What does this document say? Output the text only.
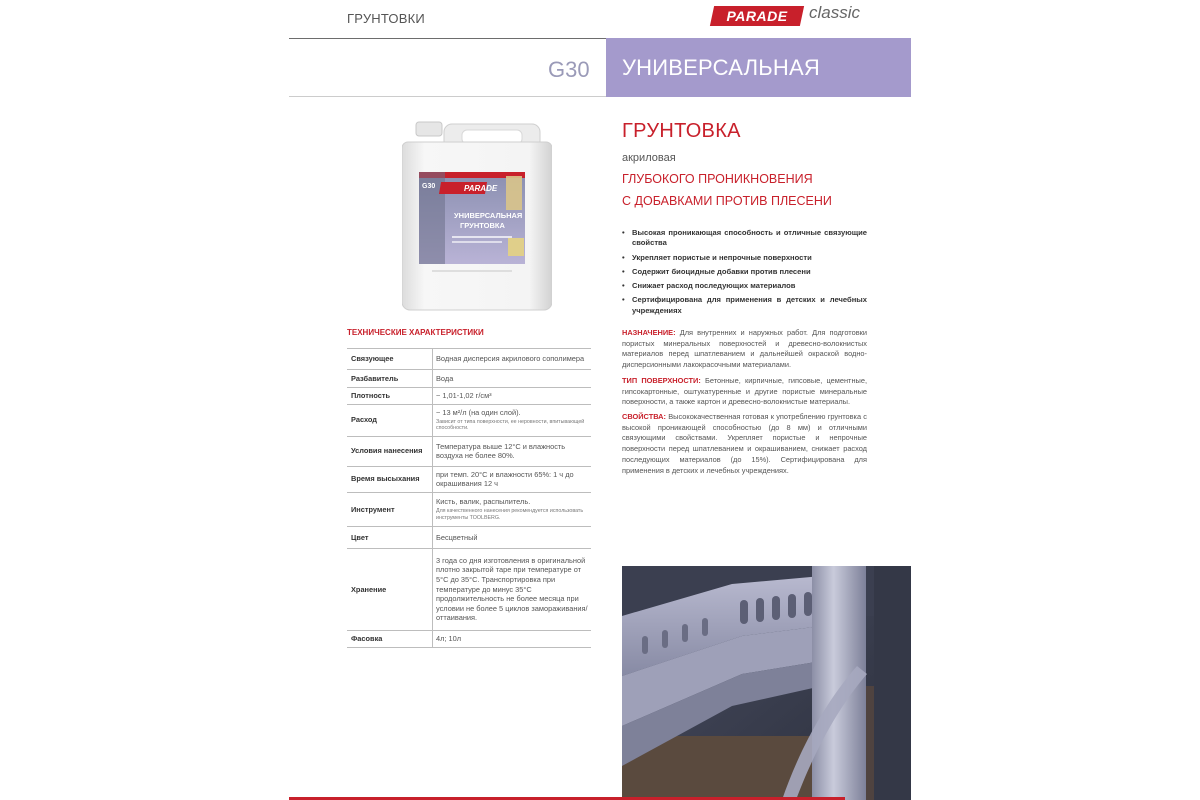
ГРУНТОВКИ	PARADE	classic
G30 УНИВЕРСАЛЬНАЯ
PARADE
G30
УНИВЕРСАЛЬНАЯ
ГРУНТОВКА
ТЕХНИЧЕСКИЕ ХАРАКТЕРИСТИКИ
Связующее	Водная дисперсия акрилового сополимера
Разбавитель	Вода
Плотность	~ 1,01-1,02 г/см³
Расход	~ 13 м²/л (на один слой).
Зависит от типа поверхности, ее неровности, впитывающей способности.

Условия нанесения	Температура выше 12°С и влажность воздуха не более 80%.
Время высыхания	при темп. 20°С и влажности 65%: 1 ч до окрашивания 12 ч
Инструмент	Кисть, валик, распылитель.
Для качественного нанесения рекомендуется использовать инструменты TOOLBERG.

Цвет	Бесцветный
Хранение	3 года со дня изготовления в оригинальной плотно закрытой таре при температуре от 5°С до 35°С. Транспортировка при температуре до минус 35°С продолжительность не более месяца при условии не более 5 циклов замораживания/оттаивания.
Фасовка	4л; 10л
ГРУНТОВКА
акриловая
ГЛУБОКОГО ПРОНИКНОВЕНИЯ
С ДОБАВКАМИ ПРОТИВ ПЛЕСЕНИ
• Высокая проникающая способность и отличные связующие свойства
• Укрепляет пористые и непрочные поверхности
• Содержит биоцидные добавки против плесени
• Снижает расход последующих материалов
• Сертифицирована для применения в детских и лечебных учреждениях
НАЗНАЧЕНИЕ: Для внутренних и наружных работ. Для подготовки пористых минеральных поверхностей и древесно-волокнистых материалов перед шпатлеванием и дальнейшей окраской водно-дисперсионными лакокрасочными материалами.
ТИП ПОВЕРХНОСТИ: Бетонные, кирпичные, гипсовые, цементные, гипсокартонные, оштукатуренные и другие пористые минеральные поверхности, а также картон и древесно-волокнистые материалы.
СВОЙСТВА: Высококачественная готовая к употреблению грунтовка с высокой проникающей способностью (до 8 мм) и отличными связующими свойствами. Укрепляет пористые и непрочные поверхности перед шпатлеванием и окрашиванием, снижает расход последующих материалов (до 15%). Сертифицирована для применения в детских и лечебных учреждениях.
